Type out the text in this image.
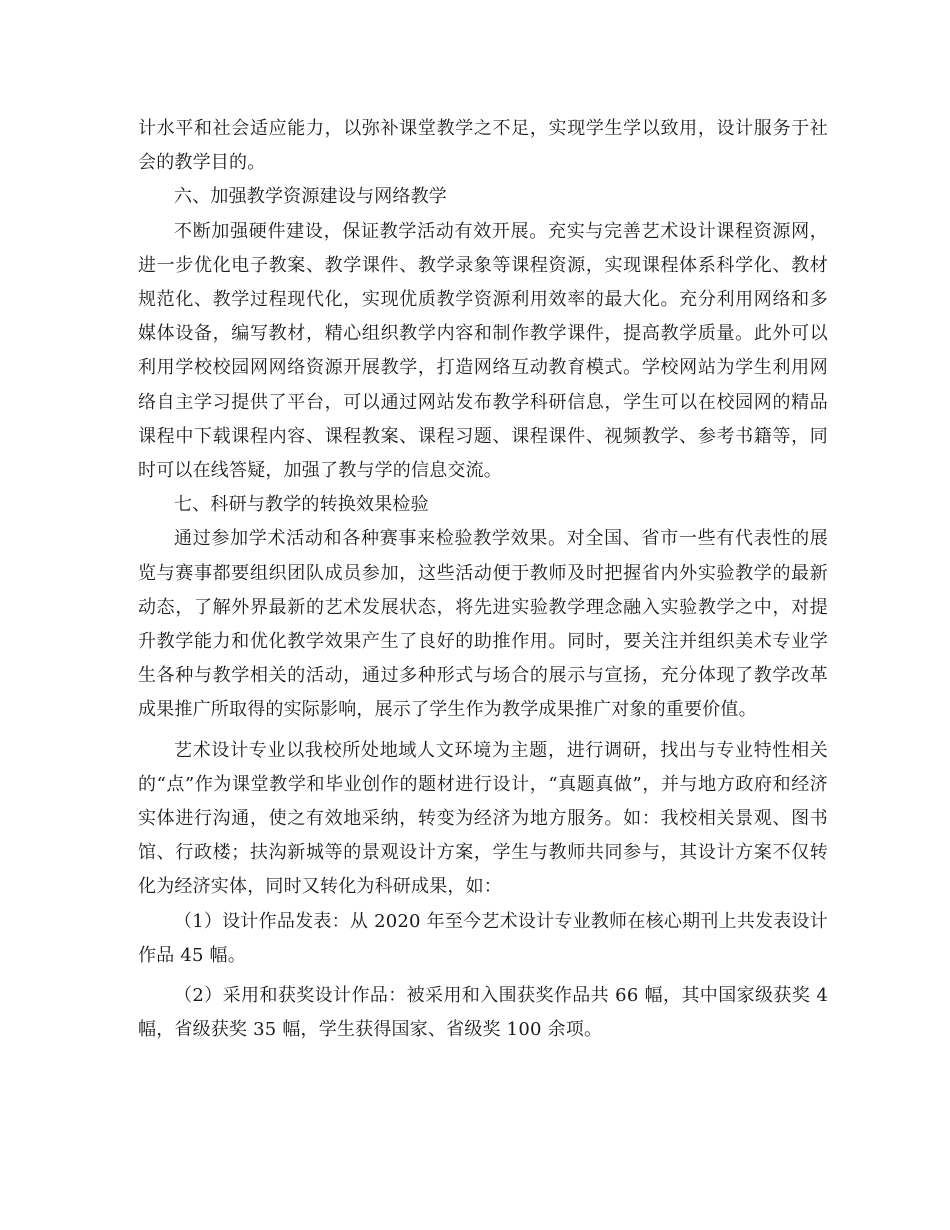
计水平和社会适应能力，以弥补课堂教学之不足，实现学生学以致用，设计服务于社会的教学目的。

六、加强教学资源建设与网络教学

不断加强硬件建设，保证教学活动有效开展。充实与完善艺术设计课程资源网，进一步优化电子教案、教学课件、教学录象等课程资源，实现课程体系科学化、教材规范化、教学过程现代化，实现优质教学资源利用效率的最大化。充分利用网络和多媒体设备，编写教材，精心组织教学内容和制作教学课件，提高教学质量。此外可以利用学校校园网网络资源开展教学，打造网络互动教育模式。学校网站为学生利用网络自主学习提供了平台，可以通过网站发布教学科研信息，学生可以在校园网的精品课程中下载课程内容、课程教案、课程习题、课程课件、视频教学、参考书籍等，同时可以在线答疑，加强了教与学的信息交流。

七、科研与教学的转换效果检验

通过参加学术活动和各种赛事来检验教学效果。对全国、省市一些有代表性的展览与赛事都要组织团队成员参加，这些活动便于教师及时把握省内外实验教学的最新动态，了解外界最新的艺术发展状态，将先进实验教学理念融入实验教学之中，对提升教学能力和优化教学效果产生了良好的助推作用。同时，要关注并组织美术专业学生各种与教学相关的活动，通过多种形式与场合的展示与宣扬，充分体现了教学改革成果推广所取得的实际影响，展示了学生作为教学成果推广对象的重要价值。

艺术设计专业以我校所处地域人文环境为主题，进行调研，找出与专业特性相关的“点”作为课堂教学和毕业创作的题材进行设计，“真题真做”，并与地方政府和经济实体进行沟通，使之有效地采纳，转变为经济为地方服务。如：我校相关景观、图书馆、行政楼；扶沟新城等的景观设计方案，学生与教师共同参与，其设计方案不仅转化为经济实体，同时又转化为科研成果，如：

（1）设计作品发表：从 2020 年至今艺术设计专业教师在核心期刊上共发表设计作品 45 幅。

（2）采用和获奖设计作品：被采用和入围获奖作品共 66 幅，其中国家级获奖 4 幅，省级获奖 35 幅，学生获得国家、省级奖 100 余项。
